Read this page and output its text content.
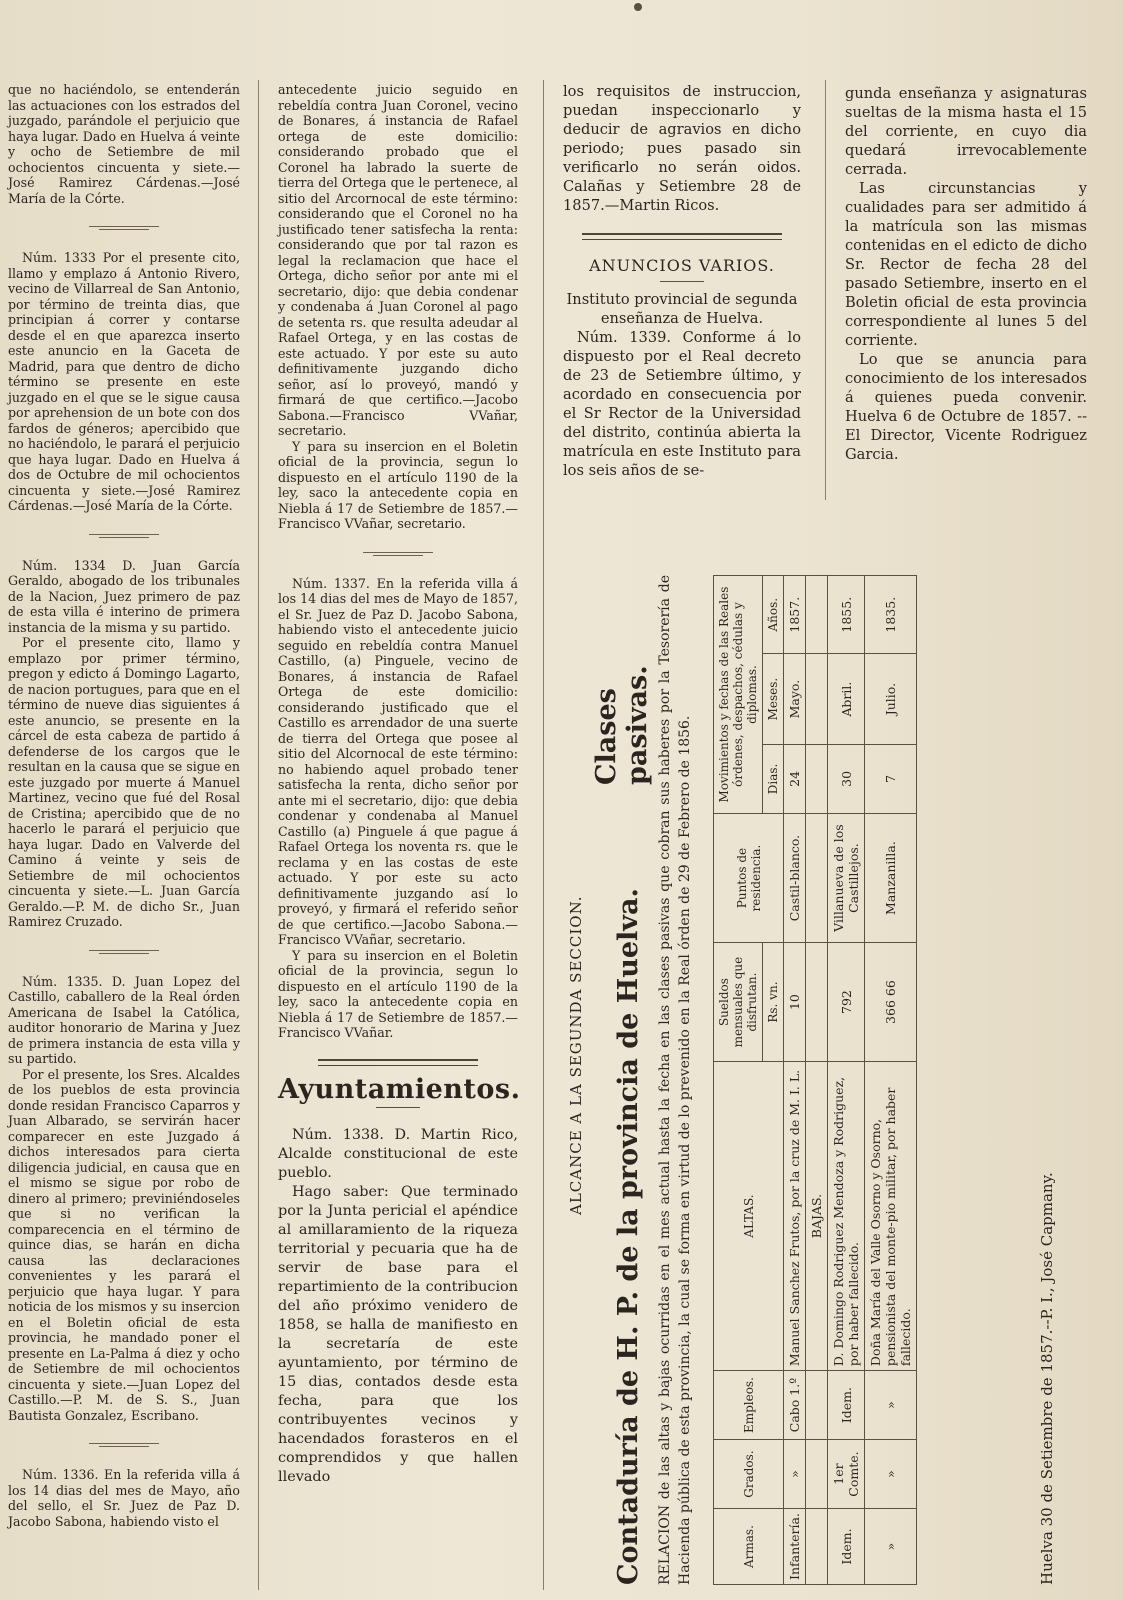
que no haciéndolo, se entenderán las actuaciones con los estrados del juzgado, parándole el perjuicio que haya lugar. Dado en Huelva á veinte y ocho de Setiembre de mil ochocientos cincuenta y siete.— José Ramirez Cárdenas.—José María de la Córte.

Núm. 1333 Por el presente cito, llamo y emplazo á Antonio Rivero, vecino de Villarreal de San Antonio, por término de treinta dias, que principian á correr y contarse desde el en que aparezca inserto este anuncio en la Gaceta de Madrid, para que dentro de dicho término se presente en este juzgado en el que se le sigue causa por aprehension de un bote con dos fardos de géneros; apercibido que no haciéndolo, le parará el perjuicio que haya lugar. Dado en Huelva á dos de Octubre de mil ochocientos cincuenta y siete.—José Ramirez Cárdenas.—José María de la Córte.

Núm. 1334 D. Juan García Geraldo, abogado de los tribunales de la Nacion, Juez primero de paz de esta villa é interino de primera instancia de la misma y su partido.

Por el presente cito, llamo y emplazo por primer término, pregon y edicto á Domingo Lagarto, de nacion portugues, para que en el término de nueve dias siguientes á este anuncio, se presente en la cárcel de esta cabeza de partido á defenderse de los cargos que le resultan en la causa que se sigue en este juzgado por muerte á Manuel Martinez, vecino que fué del Rosal de Cristina; apercibido que de no hacerlo le parará el perjuicio que haya lugar. Dado en Valverde del Camino á veinte y seis de Setiembre de mil ochocientos cincuenta y siete.—L. Juan García Geraldo.—P. M. de dicho Sr., Juan Ramirez Cruzado.

Núm. 1335. D. Juan Lopez del Castillo, caballero de la Real órden Americana de Isabel la Católica, auditor honorario de Marina y Juez de primera instancia de esta villa y su partido.

Por el presente, los Sres. Alcaldes de los pueblos de esta provincia donde residan Francisco Caparros y Juan Albarado, se servirán hacer comparecer en este Juzgado á dichos interesados para cierta diligencia judicial, en causa que en el mismo se sigue por robo de dinero al primero; previniéndoseles que si no verifican la comparecencia en el término de quince dias, se harán en dicha causa las declaraciones convenientes y les parará el perjuicio que haya lugar. Y para noticia de los mismos y su insercion en el Boletin oficial de esta provincia, he mandado poner el presente en La-Palma á diez y ocho de Setiembre de mil ochocientos cincuenta y siete.—Juan Lopez del Castillo.—P. M. de S. S., Juan Bautista Gonzalez, Escribano.

Núm. 1336. En la referida villa á los 14 dias del mes de Mayo, año del sello, el Sr. Juez de Paz D. Jacobo Sabona, habiendo visto el

antecedente juicio seguido en rebeldía contra Juan Coronel, vecino de Bonares, á instancia de Rafael ortega de este domicilio: considerando probado que el Coronel ha labrado la suerte de tierra del Ortega que le pertenece, al sitio del Arcornocal de este término: considerando que el Coronel no ha justificado tener satisfecha la renta: considerando que por tal razon es legal la reclamacion que hace el Ortega, dicho señor por ante mi el secretario, dijo: que debia condenar y condenaba á Juan Coronel al pago de setenta rs. que resulta adeudar al Rafael Ortega, y en las costas de este actuado. Y por este su auto definitivamente juzgando dicho señor, así lo proveyó, mandó y firmará de que certifico.—Jacobo Sabona.—Francisco VVañar, secretario.

Y para su insercion en el Boletin oficial de la provincia, segun lo dispuesto en el artículo 1190 de la ley, saco la antecedente copia en Niebla á 17 de Setiembre de 1857.—Francisco VVañar, secretario.

Núm. 1337. En la referida villa á los 14 dias del mes de Mayo de 1857, el Sr. Juez de Paz D. Jacobo Sabona, habiendo visto el antecedente juicio seguido en rebeldía contra Manuel Castillo, (a) Pinguele, vecino de Bonares, á instancia de Rafael Ortega de este domicilio: considerando justificado que el Castillo es arrendador de una suerte de tierra del Ortega que posee al sitio del Alcornocal de este término: no habiendo aquel probado tener satisfecha la renta, dicho señor por ante mi el secretario, dijo: que debia condenar y condenaba al Manuel Castillo (a) Pinguele á que pague á Rafael Ortega los noventa rs. que le reclama y en las costas de este actuado. Y por este su acto definitivamente juzgando así lo proveyó, y firmará el referido señor de que certifico.—Jacobo Sabona.—Francisco VVañar, secretario.

Y para su insercion en el Boletin oficial de la provincia, segun lo dispuesto en el artículo 1190 de la ley, saco la antecedente copia en Niebla á 17 de Setiembre de 1857.—Francisco VVañar.

Ayuntamientos.

Núm. 1338. D. Martin Rico, Alcalde constitucional de este pueblo.

Hago saber: Que terminado por la Junta pericial el apéndice al amillaramiento de la riqueza territorial y pecuaria que ha de servir de base para el repartimiento de la contribucion del año próximo venidero de 1858, se halla de manifiesto en la secretaría de este ayuntamiento, por término de 15 dias, contados desde esta fecha, para que los contribuyentes vecinos y hacendados forasteros en el comprendidos y que hallen llevado

los requisitos de instruccion, puedan inspeccionarlo y deducir de agravios en dicho periodo; pues pasado sin verificarlo no serán oidos. Calañas y Setiembre 28 de 1857.—Martin Ricos.

ANUNCIOS VARIOS.

Instituto provincial de segunda enseñanza de Huelva.

Núm. 1339. Conforme á lo dispuesto por el Real decreto de 23 de Setiembre último, y acordado en consecuencia por el Sr Rector de la Universidad del distrito, continúa abierta la matrícula en este Instituto para los seis años de se-

gunda enseñanza y asignaturas sueltas de la misma hasta el 15 del corriente, en cuyo dia quedará irrevocablemente cerrada.

Las circunstancias y cualidades para ser admitido á la matrícula son las mismas contenidas en el edicto de dicho Sr. Rector de fecha 28 del pasado Setiembre, inserto en el Boletin oficial de esta provincia correspondiente al lunes 5 del corriente.

Lo que se anuncia para conocimiento de los interesados á quienes pueda convenir. Huelva 6 de Octubre de 1857. --El Director, Vicente Rodriguez Garcia.

ALCANCE A LA SEGUNDA SECCION.
Clases pasivas.
Contaduría de H. P. de la provincia de Huelva. RELACION de las altas y bajas ocurridas en el mes actual hasta la fecha en las clases pasivas que cobran sus haberes por la Tesorería de Hacienda pública de esta provincia, la cual se forma en virtud de lo prevenido en la Real órden de 29 de Febrero de 1856.	Armas.	Grados.	Empleos.	ALTAS.	Sueldos mensuales que disfrutan.	Puntos de residencia.	Movimientos y fechas de las Reales órdenes, despachos, cédulas y diplomas.		
				Rs. vn.		Dias.	Meses.	Años.
Infantería.	»	Cabo 1.º	Manuel Sanchez Frutos, por la cruz de M. I. L.	10	Castil-blanco.	24	Mayo.	1857.
			BAJAS.					
Idem.	1er Comte.	Idem.	D. Domingo Rodriguez Mendoza y Rodriguez, por haber fallecido.	792	Villanueva de los Castillejos.	30	Abril.	1855.
»	»	»	Doña María del Valle Osorno y Osorno, pensionista del monte-pio militar, por haber fallecido.	366 66	Manzanilla.	7	Julio.	1835.
Huelva 30 de Setiembre de 1857.--P. I., José Capmany.
